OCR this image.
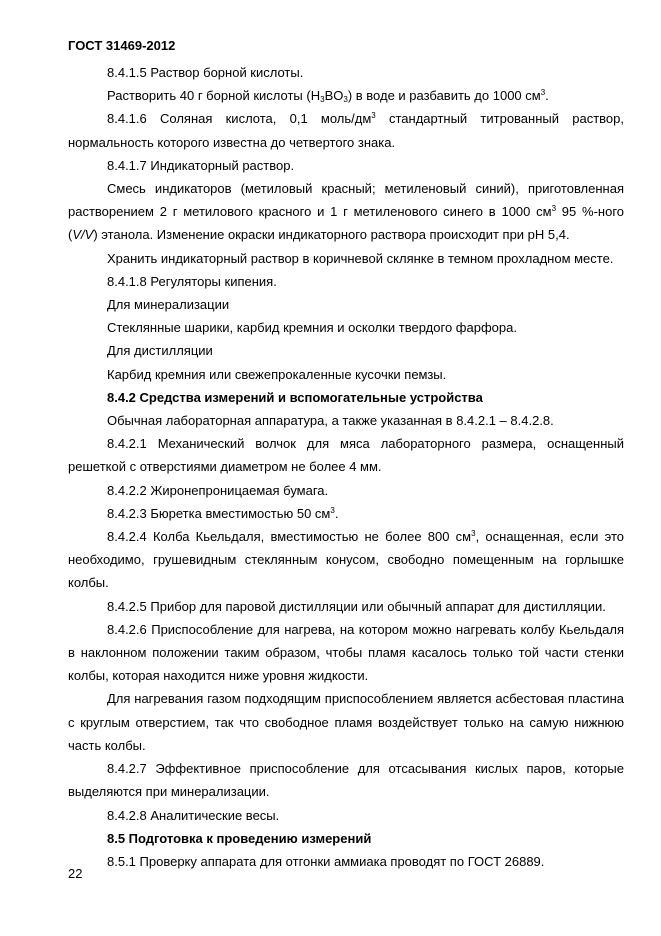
ГОСТ 31469-2012

8.4.1.5 Раствор борной кислоты.

Растворить 40 г борной кислоты $(H_3BO_3)$ в воде и разбавить до 1000 $см^3$.

8.4.1.6 Соляная кислота, 0,1 моль/$дм^3$ стандартный титрованный раствор, нормальность которого известна до четвертого знака.

8.4.1.7 Индикаторный раствор.

Смесь индикаторов (метиловый красный; метиленовый синий), приготовленная растворением 2 г метилового красного и 1 г метиленового синего в 1000 $см^3$ 95 %-ного (V/V) этанола. Изменение окраски индикаторного раствора происходит при pH 5,4.

Хранить индикаторный раствор в коричневой склянке в темном прохладном месте.

8.4.1.8 Регуляторы кипения.

Для минерализации

Стеклянные шарики, карбид кремния и осколки твердого фарфора.

Для дистилляции

Карбид кремния или свежепрокаленные кусочки пемзы.

8.4.2 Средства измерений и вспомогательные устройства

Обычная лабораторная аппаратура, а также указанная в 8.4.2.1 – 8.4.2.8.

8.4.2.1 Механический волчок для мяса лабораторного размера, оснащенный решеткой с отверстиями диаметром не более 4 мм.

8.4.2.2 Жиронепроницаемая бумага.

8.4.2.3 Бюретка вместимостью 50 $см^3$.

8.4.2.4 Колба Кьельдаля, вместимостью не более 800 $см^3$, оснащенная, если это необходимо, грушевидным стеклянным конусом, свободно помещенным на горлышке колбы.

8.4.2.5 Прибор для паровой дистилляции или обычный аппарат для дистилляции.

8.4.2.6 Приспособление для нагрева, на котором можно нагревать колбу Кьельдаля в наклонном положении таким образом, чтобы пламя касалось только той части стенки колбы, которая находится ниже уровня жидкости.

Для нагревания газом подходящим приспособлением является асбестовая пластина с круглым отверстием, так что свободное пламя воздействует только на самую нижнюю часть колбы.

8.4.2.7 Эффективное приспособление для отсасывания кислых паров, которые выделяются при минерализации.

8.4.2.8 Аналитические весы.

8.5 Подготовка к проведению измерений

8.5.1 Проверку аппарата для отгонки аммиака проводят по ГОСТ 26889.

22
